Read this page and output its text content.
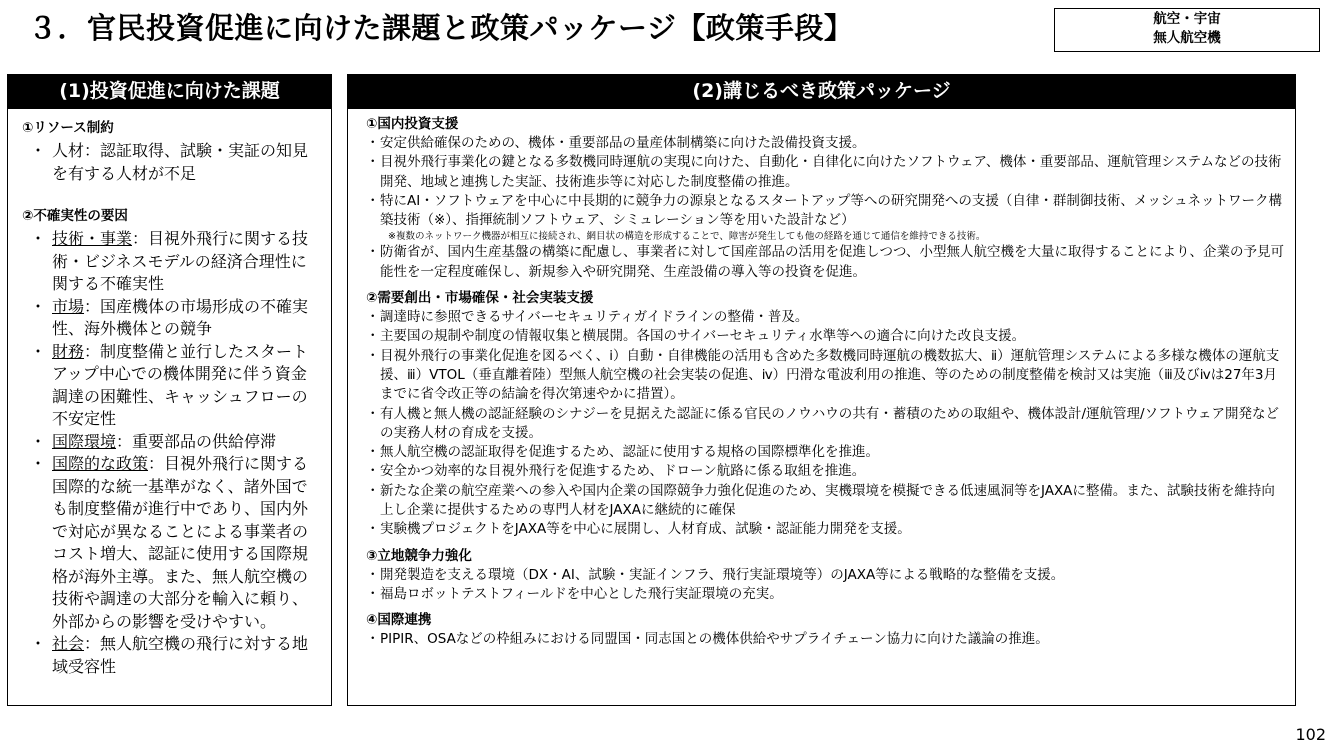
３．官民投資促進に向けた課題と政策パッケージ【政策手段】	航空・宇宙
無人航空機
(1)投資促進に向けた課題

①リソース制約

・ 人材：認証取得、試験・実証の知見を有する人材が不足

②不確実性の要因

・ 技術・事業：目視外飛行に関する技術・ビジネスモデルの経済合理性に関する不確実性
・ 市場：国産機体の市場形成の不確実性、海外機体との競争
・ 財務：制度整備と並行したスタートアップ中心での機体開発に伴う資金調達の困難性、キャッシュフローの不安定性
・ 国際環境：重要部品の供給停滞
・ 国際的な政策：目視外飛行に関する国際的な統一基準がなく、諸外国でも制度整備が進行中であり、国内外で対応が異なることによる事業者のコスト増大、認証に使用する国際規格が海外主導。また、無人航空機の技術や調達の大部分を輸入に頼り、外部からの影響を受けやすい。
・ 社会：無人航空機の飛行に対する地域受容性
(2)講じるべき政策パッケージ

①国内投資支援

・ 安定供給確保のための、機体・重要部品の量産体制構築に向けた設備投資支援。
・ 目視外飛行事業化の鍵となる多数機同時運航の実現に向けた、自動化・自律化に向けたソフトウェア、機体・重要部品、運航管理システムなどの技術開発、地域と連携した実証、技術進歩等に対応した制度整備の推進。
・ 特にAI・ソフトウェアを中心に中長期的に競争力の源泉となるスタートアップ等への研究開発への支援（自律・群制御技術、メッシュネットワーク構築技術（※）、指揮統制ソフトウェア、シミュレーション等を用いた設計など）
※複数のネットワーク機器が相互に接続され、網目状の構造を形成することで、障害が発生しても他の経路を通じて通信を維持できる技術。
・ 防衛省が、国内生産基盤の構築に配慮し、事業者に対して国産部品の活用を促進しつつ、小型無人航空機を大量に取得することにより、企業の予見可能性を一定程度確保し、新規参入や研究開発、生産設備の導入等の投資を促進。

②需要創出・市場確保・社会実装支援

・ 調達時に参照できるサイバーセキュリティガイドラインの整備・普及。
・ 主要国の規制や制度の情報収集と横展開。各国のサイバーセキュリティ水準等への適合に向けた改良支援。
・ 目視外飛行の事業化促進を図るべく、ⅰ）自動・自律機能の活用も含めた多数機同時運航の機数拡大、ⅱ）運航管理システムによる多様な機体の運航支援、ⅲ）VTOL（垂直離着陸）型無人航空機の社会実装の促進、ⅳ）円滑な電波利用の推進、等のための制度整備を検討又は実施（ⅲ及びⅳは27年3月までに省令改正等の結論を得次第速やかに措置）。
・ 有人機と無人機の認証経験のシナジーを見据えた認証に係る官民のノウハウの共有・蓄積のための取組や、機体設計/運航管理/ソフトウェア開発などの実務人材の育成を支援。
・ 無人航空機の認証取得を促進するため、認証に使用する規格の国際標準化を推進。
・ 安全かつ効率的な目視外飛行を促進するため、ドローン航路に係る取組を推進。
・ 新たな企業の航空産業への参入や国内企業の国際競争力強化促進のため、実機環境を模擬できる低速風洞等をJAXAに整備。また、試験技術を維持向上し企業に提供するための専門人材をJAXAに継続的に確保
・ 実験機プロジェクトをJAXA等を中心に展開し、人材育成、試験・認証能力開発を支援。

③立地競争力強化

・ 開発製造を支える環境（DX・AI、試験・実証インフラ、飛行実証環境等）のJAXA等による戦略的な整備を支援。
・ 福島ロボットテストフィールドを中心とした飛行実証環境の充実。

④国際連携

・ PIPIR、OSAなどの枠組みにおける同盟国・同志国との機体供給やサプライチェーン協力に向けた議論の推進。
102
